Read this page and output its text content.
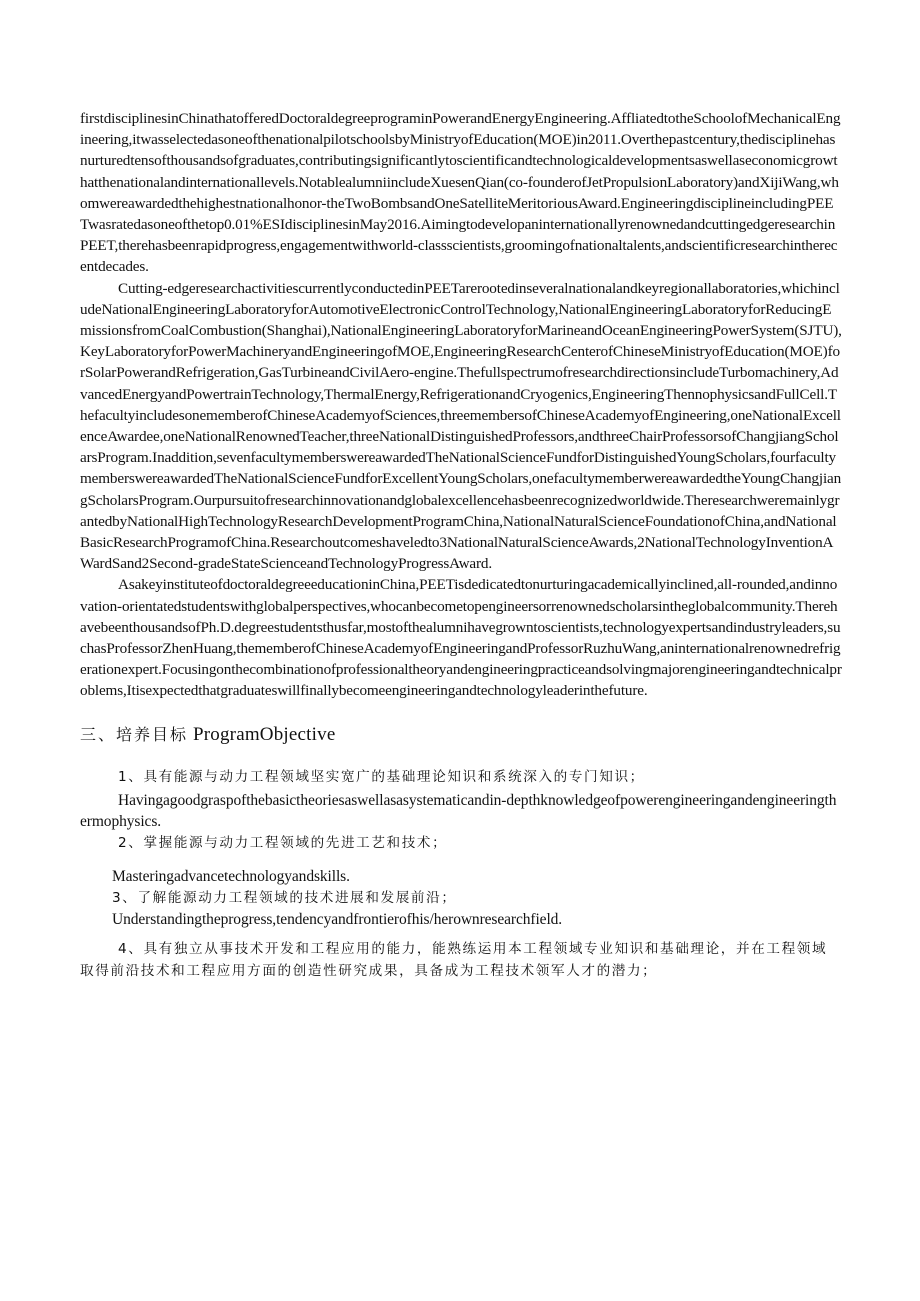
firstdisciplinesinChinathatofferedDoctoraldegreeprograminPowerandEnergyEngineering.AffliatedtotheSchoolofMechanicalEngineering,itwasselectedasoneofthenationalpilotschoolsbyMinistryofEducation(MOE)in2011.Overthepastcentury,thedisciplinehasnurturedtensofthousandsofgraduates,contributingsignificantlytoscientificandtechnologicaldevelopmentsaswellaseconomicgrowthatthenationalandinternationallevels.NotablealumniincludeXuesenQian(co-founderofJetPropulsionLaboratory)andXijiWang,whomwereawardedthehighestnationalhonor-theTwoBombsandOneSatelliteMeritoriousAward.EngineeringdisciplineincludingPEETwasratedasoneofthetop0.01%ESIdisciplinesinMay2016.AimingtodevelopaninternationallyrenownedandcuttingedgeresearchinPEET,therehasbeenrapidprogress,engagementwithworld-classscientists,groomingofnationaltalents,andscientificresearchintherecentdecades.

Cutting-edgeresearchactivitiescurrentlyconductedinPEETarerootedinseveralnationalandkeyregionallaboratories,whichincludeNationalEngineeringLaboratoryforAutomotiveElectronicControlTechnology,NationalEngineeringLaboratoryforReducingEmissionsfromCoalCombustion(Shanghai),NationalEngineeringLaboratoryforMarineandOceanEngineeringPowerSystem(SJTU),KeyLaboratoryforPowerMachineryandEngineeringofMOE,EngineeringResearchCenterofChineseMinistryofEducation(MOE)forSolarPowerandRefrigeration,GasTurbineandCivilAero-engine.ThefullspectrumofresearchdirectionsincludeTurbomachinery,AdvancedEnergyandPowertrainTechnology,ThermalEnergy,RefrigerationandCryogenics,EngineeringThennophysicsandFullCell.ThefacultyincludesonememberofChineseAcademyofSciences,threemembersofChineseAcademyofEngineering,oneNationalExcellenceAwardee,oneNationalRenownedTeacher,threeNationalDistinguishedProfessors,andthreeChairProfessorsofChangjiangScholarsProgram.Inaddition,sevenfacultymemberswereawardedTheNationalScienceFundforDistinguishedYoungScholars,fourfacultymemberswereawardedTheNationalScienceFundforExcellentYoungScholars,onefacultymemberwereawardedtheYoungChangjiangScholarsProgram.Ourpursuitofresearchinnovationandglobalexcellencehasbeenrecognizedworldwide.TheresearchweremainlygrantedbyNationalHighTechnologyResearchDevelopmentProgramChina,NationalNaturalScienceFoundationofChina,andNationalBasicResearchProgramofChina.Researchoutcomeshaveledto3NationalNaturalScienceAwards,2NationalTechnologyInventionAWardSand2Second-gradeStateScienceandTechnologyProgressAward.

AsakeyinstituteofdoctoraldegreeeducationinChina,PEETisdedicatedtonurturingacademicallyinclined,all-rounded,andinnovation-orientatedstudentswithglobalperspectives,whocanbecometopengineersorrenownedscholarsintheglobalcommunity.TherehavebeenthousandsofPh.D.degreestudentsthusfar,mostofthealumnihavegrowntoscientists,technologyexpertsandindustryleaders,suchasProfessorZhenHuang,thememberofChineseAcademyofEngineeringandProfessorRuzhuWang,aninternationalrenownedrefrigerationexpert.Focusingonthecombinationofprofessionaltheoryandengineeringpracticeandsolvingmajorengineeringandtechnicalproblems,Itisexpectedthatgraduateswillfinallybecomeengineeringandtechnologyleaderinthefuture.

三、培养目标 ProgramObjective
1、具有能源与动力工程领域坚实宽广的基础理论知识和系统深入的专门知识；
Havingagoodgraspofthebasictheoriesaswellasasystematicandin-depthknowledgeofpowerengineeringandengineeringthermophysics.
2、掌握能源与动力工程领域的先进工艺和技术；
Masteringadvancetechnologyandskills.
3、了解能源动力工程领域的技术进展和发展前沿；
Understandingtheprogress,tendencyandfrontierofhis/herownresearchfield.
4、具有独立从事技术开发和工程应用的能力，能熟练运用本工程领域专业知识和基础理论，并在工程领域取得前沿技术和工程应用方面的创造性研究成果，具备成为工程技术领军人才的潜力；
